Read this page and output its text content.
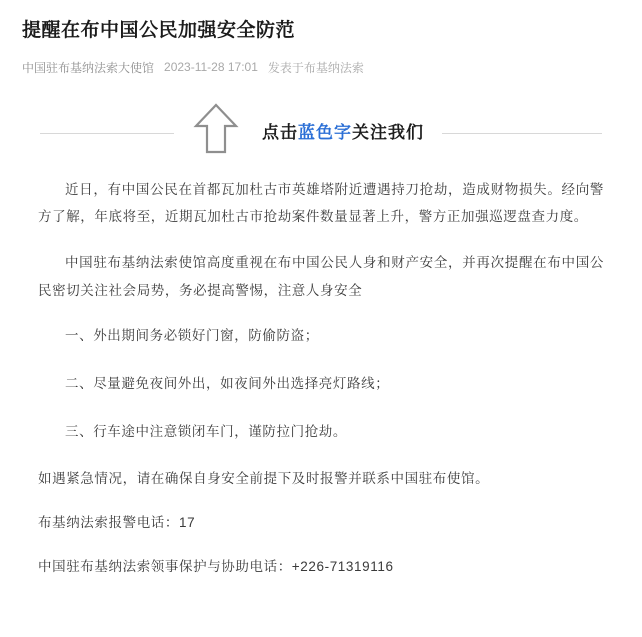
提醒在布中国公民加强安全防范
中国驻布基纳法索大使馆 2023-11-28 17:01 发表于布基纳法索
点击蓝色字关注我们

近日，有中国公民在首都瓦加杜古市英雄塔附近遭遇持刀抢劫，造成财物损失。经向警方了解，年底将至，近期瓦加杜古市抢劫案件数量显著上升，警方正加强巡逻盘查力度。

中国驻布基纳法索使馆高度重视在布中国公民人身和财产安全，并再次提醒在布中国公民密切关注社会局势，务必提高警惕，注意人身安全

一、外出期间务必锁好门窗，防偷防盗；

二、尽量避免夜间外出，如夜间外出选择亮灯路线；

三、行车途中注意锁闭车门，谨防拉门抢劫。

如遇紧急情况，请在确保自身安全前提下及时报警并联系中国驻布使馆。

布基纳法索报警电话：17

中国驻布基纳法索领事保护与协助电话：+226-71319116
